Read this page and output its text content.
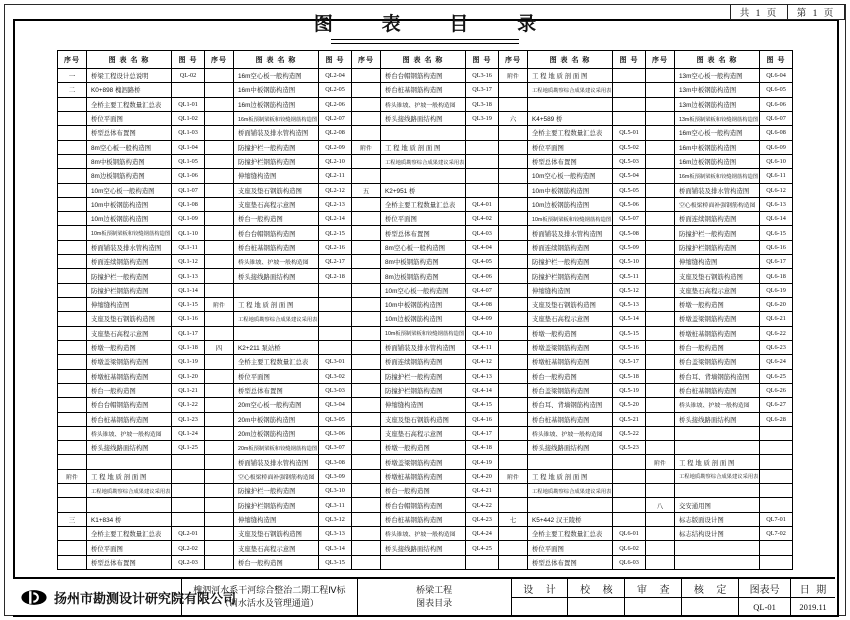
共 1 页	第 1 页
图 表 目 录
序号	图 表 名 称	图 号
一	桥梁工程设计总说明	QL-02
二	K0+898 槐泗路桥
全桥主要工程数量汇总表	QL1-01
桥位平面图	QL1-02
桥型总体布置图	QL1-03
8m空心板一般构造图	QL1-04
8m中板钢筋构造图	QL1-05
8m边板钢筋构造图	QL1-06
10m空心板一般构造图	QL1-07
10m中板钢筋构造图	QL1-08
10m边板钢筋构造图	QL1-09
10m板预制梁板和铰缝钢筋构造图	QL1-10
桥面铺装及排水管构造图	QL1-11
桥面连续钢筋构造图	QL1-12
防撞护栏一般构造图	QL1-13
防撞护栏钢筋构造图	QL1-14
伸缩缝构造图	QL1-15
支座及垫石钢筋构造图	QL1-16
支座垫石高程示意图	QL1-17
桥墩一般构造图	QL1-18
桥墩盖梁钢筋构造图	QL1-19
桥墩桩基钢筋构造图	QL1-20
桥台一般构造图	QL1-21
桥台台帽钢筋构造图	QL1-22
桥台桩基钢筋构造图	QL1-23
桥头锥坡、护坡一般构造图	QL1-24
桥头接线路面结构图	QL1-25
附件	工 程 地 质 剖 面 图
工程地质勘察综合成果建议采用表
三	K1+834 桥
全桥主要工程数量汇总表	QL2-01
桥位平面图	QL2-02
桥型总体布置图	QL2-03
序号	图 表 名 称	图 号
16m空心板一般构造图	QL2-04
16m中板钢筋构造图	QL2-05
16m边板钢筋构造图	QL2-06
16m板预制梁板和铰缝钢筋构造图	QL2-07
桥面铺装及排水管构造图	QL2-08
防撞护栏一般构造图	QL2-09
防撞护栏钢筋构造图	QL2-10
伸缩缝构造图	QL2-11
支座及垫石钢筋构造图	QL2-12
支座垫石高程示意图	QL2-13
桥台一般构造图	QL2-14
桥台台帽钢筋构造图	QL2-15
桥台桩基钢筋构造图	QL2-16
桥头锥坡、护坡一般构造图	QL2-17
桥头接线路面结构图	QL2-18
附件	工 程 地 质 剖 面 图
工程地质勘察综合成果建议采用表
四	K2+211 泵站桥
全桥主要工程数量汇总表	QL3-01
桥位平面图	QL3-02
桥型总体布置图	QL3-03
20m空心板一般构造图	QL3-04
20m中板钢筋构造图	QL3-05
20m边板钢筋构造图	QL3-06
20m板预制梁板和铰缝钢筋构造图	QL3-07
桥面铺装及排水管构造图	QL3-08
空心板梁桥面补强钢筋构造图	QL3-09
防撞护栏一般构造图	QL3-10
防撞护栏钢筋构造图	QL3-11
伸缩缝构造图	QL3-12
支座及垫石钢筋构造图	QL3-13
支座垫石高程示意图	QL3-14
桥台一般构造图	QL3-15
序号	图 表 名 称	图 号
桥台台帽钢筋构造图	QL3-16
桥台桩基钢筋构造图	QL3-17
桥头锥坡、护坡一般构造图	QL3-18
桥头接线路面结构图	QL3-19
附件	工 程 地 质 剖 面 图
工程地质勘察综合成果建议采用表
五	K2+951 桥
全桥主要工程数量汇总表	QL4-01
桥位平面图	QL4-02
桥型总体布置图	QL4-03
8m空心板一般构造图	QL4-04
8m中板钢筋构造图	QL4-05
8m边板钢筋构造图	QL4-06
10m空心板一般构造图	QL4-07
10m中板钢筋构造图	QL4-08
10m边板钢筋构造图	QL4-09
10m板预制梁板和铰缝钢筋构造图	QL4-10
桥面铺装及排水管构造图	QL4-11
桥面连续钢筋构造图	QL4-12
防撞护栏一般构造图	QL4-13
防撞护栏钢筋构造图	QL4-14
伸缩缝构造图	QL4-15
支座及垫石钢筋构造图	QL4-16
支座垫石高程示意图	QL4-17
桥墩一般构造图	QL4-18
桥墩盖梁钢筋构造图	QL4-19
桥墩桩基钢筋构造图	QL4-20
桥台一般构造图	QL4-21
桥台台帽钢筋构造图	QL4-22
桥台桩基钢筋构造图	QL4-23
桥头锥坡、护坡一般构造图	QL4-24
桥头接线路面结构图	QL4-25
序号	图 表 名 称	图 号
附件	工 程 地 质 剖 面 图
工程地质勘察综合成果建议采用表
六	K4+589 桥
全桥主要工程数量汇总表	QL5-01
桥位平面图	QL5-02
桥型总体布置图	QL5-03
10m空心板一般构造图	QL5-04
10m中板钢筋构造图	QL5-05
10m边板钢筋构造图	QL5-06
10m板预制梁板和铰缝钢筋构造图	QL5-07
桥面铺装及排水管构造图	QL5-08
桥面连续钢筋构造图	QL5-09
防撞护栏一般构造图	QL5-10
防撞护栏钢筋构造图	QL5-11
伸缩缝构造图	QL5-12
支座及垫石钢筋构造图	QL5-13
支座垫石高程示意图	QL5-14
桥墩一般构造图	QL5-15
桥墩盖梁钢筋构造图	QL5-16
桥墩桩基钢筋构造图	QL5-17
桥台一般构造图	QL5-18
桥台盖梁钢筋构造图	QL5-19
桥台耳、背墙钢筋构造图	QL5-20
桥台桩基钢筋构造图	QL5-21
桥头锥坡、护坡一般构造图	QL5-22
桥头接线路面结构图	QL5-23
附件	工 程 地 质 剖 面 图
工程地质勘察综合成果建议采用表
七	K5+442 汉王陵桥
全桥主要工程数量汇总表	QL6-01
桥位平面图	QL6-02
桥型总体布置图	QL6-03
序号	图 表 名 称	图 号
13m空心板一般构造图	QL6-04
13m中板钢筋构造图	QL6-05
13m边板钢筋构造图	QL6-06
13m板预制梁板和铰缝钢筋构造图	QL6-07
16m空心板一般构造图	QL6-08
16m中板钢筋构造图	QL6-09
16m边板钢筋构造图	QL6-10
16m板预制梁板和铰缝钢筋构造图	QL6-11
桥面铺装及排水管构造图	QL6-12
空心板梁桥面补强钢筋构造图	QL6-13
桥面连续钢筋构造图	QL6-14
防撞护栏一般构造图	QL6-15
防撞护栏钢筋构造图	QL6-16
伸缩缝构造图	QL6-17
支座及垫石钢筋构造图	QL6-18
支座垫石高程示意图	QL6-19
桥墩一般构造图	QL6-20
桥墩盖梁钢筋构造图	QL6-21
桥墩桩基钢筋构造图	QL6-22
桥台一般构造图	QL6-23
桥台盖梁钢筋构造图	QL6-24
桥台耳、背墙钢筋构造图	QL6-25
桥台桩基钢筋构造图	QL6-26
桥头锥坡、护坡一般构造图	QL6-27
桥头接线路面结构图	QL6-28
附件	工 程 地 质 剖 面 图
工程地质勘察综合成果建议采用表
八	交安通用图
标志版面设计图	QL7-01
标志结构设计图	QL7-02
扬州市勘测设计研究院有限公司
槐泗河水系干河综合整治二期工程Ⅳ标
（调水活水及管理通道）
桥梁工程
图表目录
设 计	校 核	审 查	核 定	图表号
QL-01
日 期
2019.11
